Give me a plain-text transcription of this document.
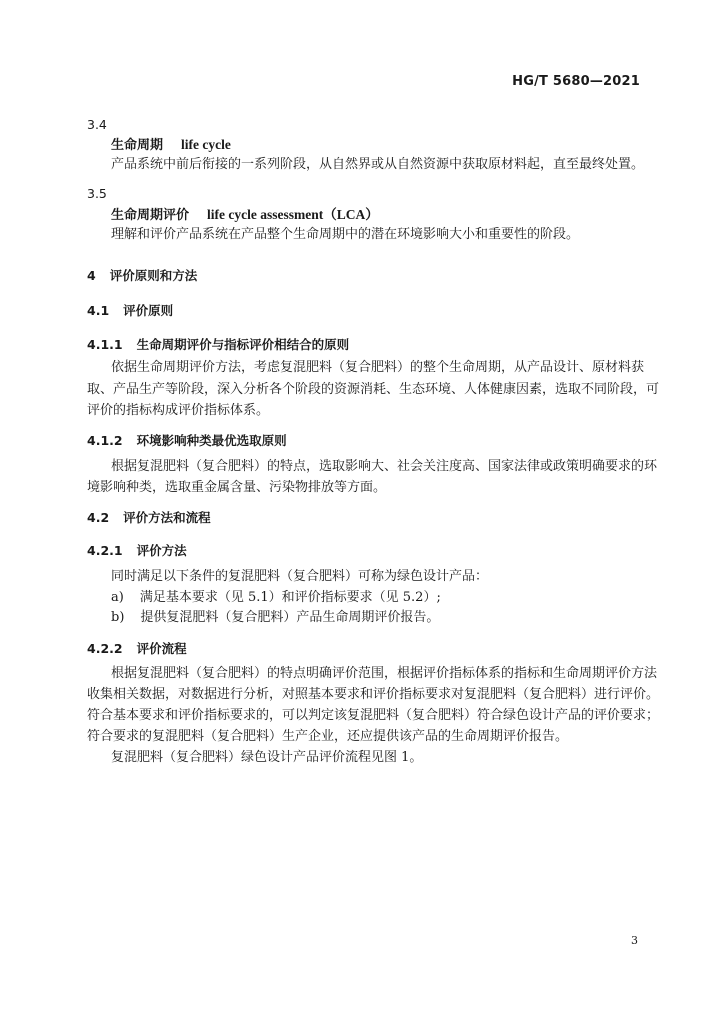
HG/T 5680—2021
3.4
生命周期 life cycle
产品系统中前后衔接的一系列阶段，从自然界或从自然资源中获取原材料起，直至最终处置。
3.5
生命周期评价 life cycle assessment（LCA）
理解和评价产品系统在产品整个生命周期中的潜在环境影响大小和重要性的阶段。
4 评价原则和方法
4.1 评价原则
4.1.1 生命周期评价与指标评价相结合的原则
依据生命周期评价方法，考虑复混肥料（复合肥料）的整个生命周期，从产品设计、原材料获
取、产品生产等阶段，深入分析各个阶段的资源消耗、生态环境、人体健康因素，选取不同阶段，可
评价的指标构成评价指标体系。
4.1.2 环境影响种类最优选取原则
根据复混肥料（复合肥料）的特点，选取影响大、社会关注度高、国家法律或政策明确要求的环
境影响种类，选取重金属含量、污染物排放等方面。
4.2 评价方法和流程
4.2.1 评价方法
同时满足以下条件的复混肥料（复合肥料）可称为绿色设计产品：
a) 满足基本要求（见 5.1）和评价指标要求（见 5.2）;
b) 提供复混肥料（复合肥料）产品生命周期评价报告。
4.2.2 评价流程
根据复混肥料（复合肥料）的特点明确评价范围，根据评价指标体系的指标和生命周期评价方法
收集相关数据，对数据进行分析，对照基本要求和评价指标要求对复混肥料（复合肥料）进行评价。
符合基本要求和评价指标要求的，可以判定该复混肥料（复合肥料）符合绿色设计产品的评价要求；
符合要求的复混肥料（复合肥料）生产企业，还应提供该产品的生命周期评价报告。
复混肥料（复合肥料）绿色设计产品评价流程见图 1。
3
